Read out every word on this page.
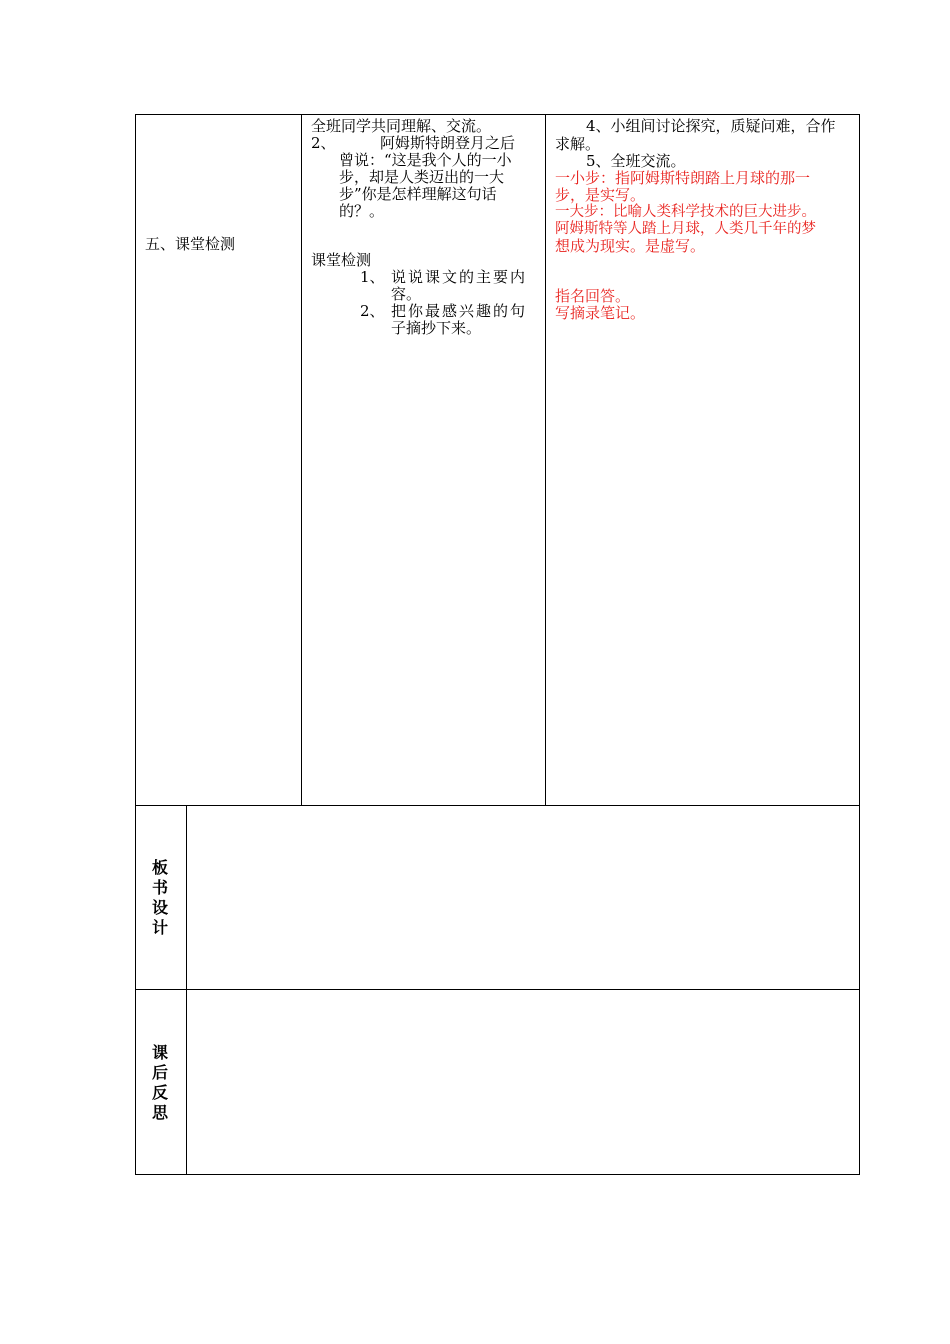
五、课堂检测
全班同学共同理解、交流。
2、	阿姆斯特朗登月之后
曾说：“这是我个人的一小
步，却是人类迈出的一大
步”你是怎样理解这句话
的？。
课堂检测
1、 说说课文的主要内
容。
2、 把你最感兴趣的句
子摘抄下来。
4、小组间讨论探究，质疑问难，合作
求解。
5、全班交流。
一小步：指阿姆斯特朗踏上月球的那一
步，是实写。
一大步：比喻人类科学技术的巨大进步。
阿姆斯特等人踏上月球，人类几千年的梦
想成为现实。是虚写。
指名回答。
写摘录笔记。
板书设计
课后反思
